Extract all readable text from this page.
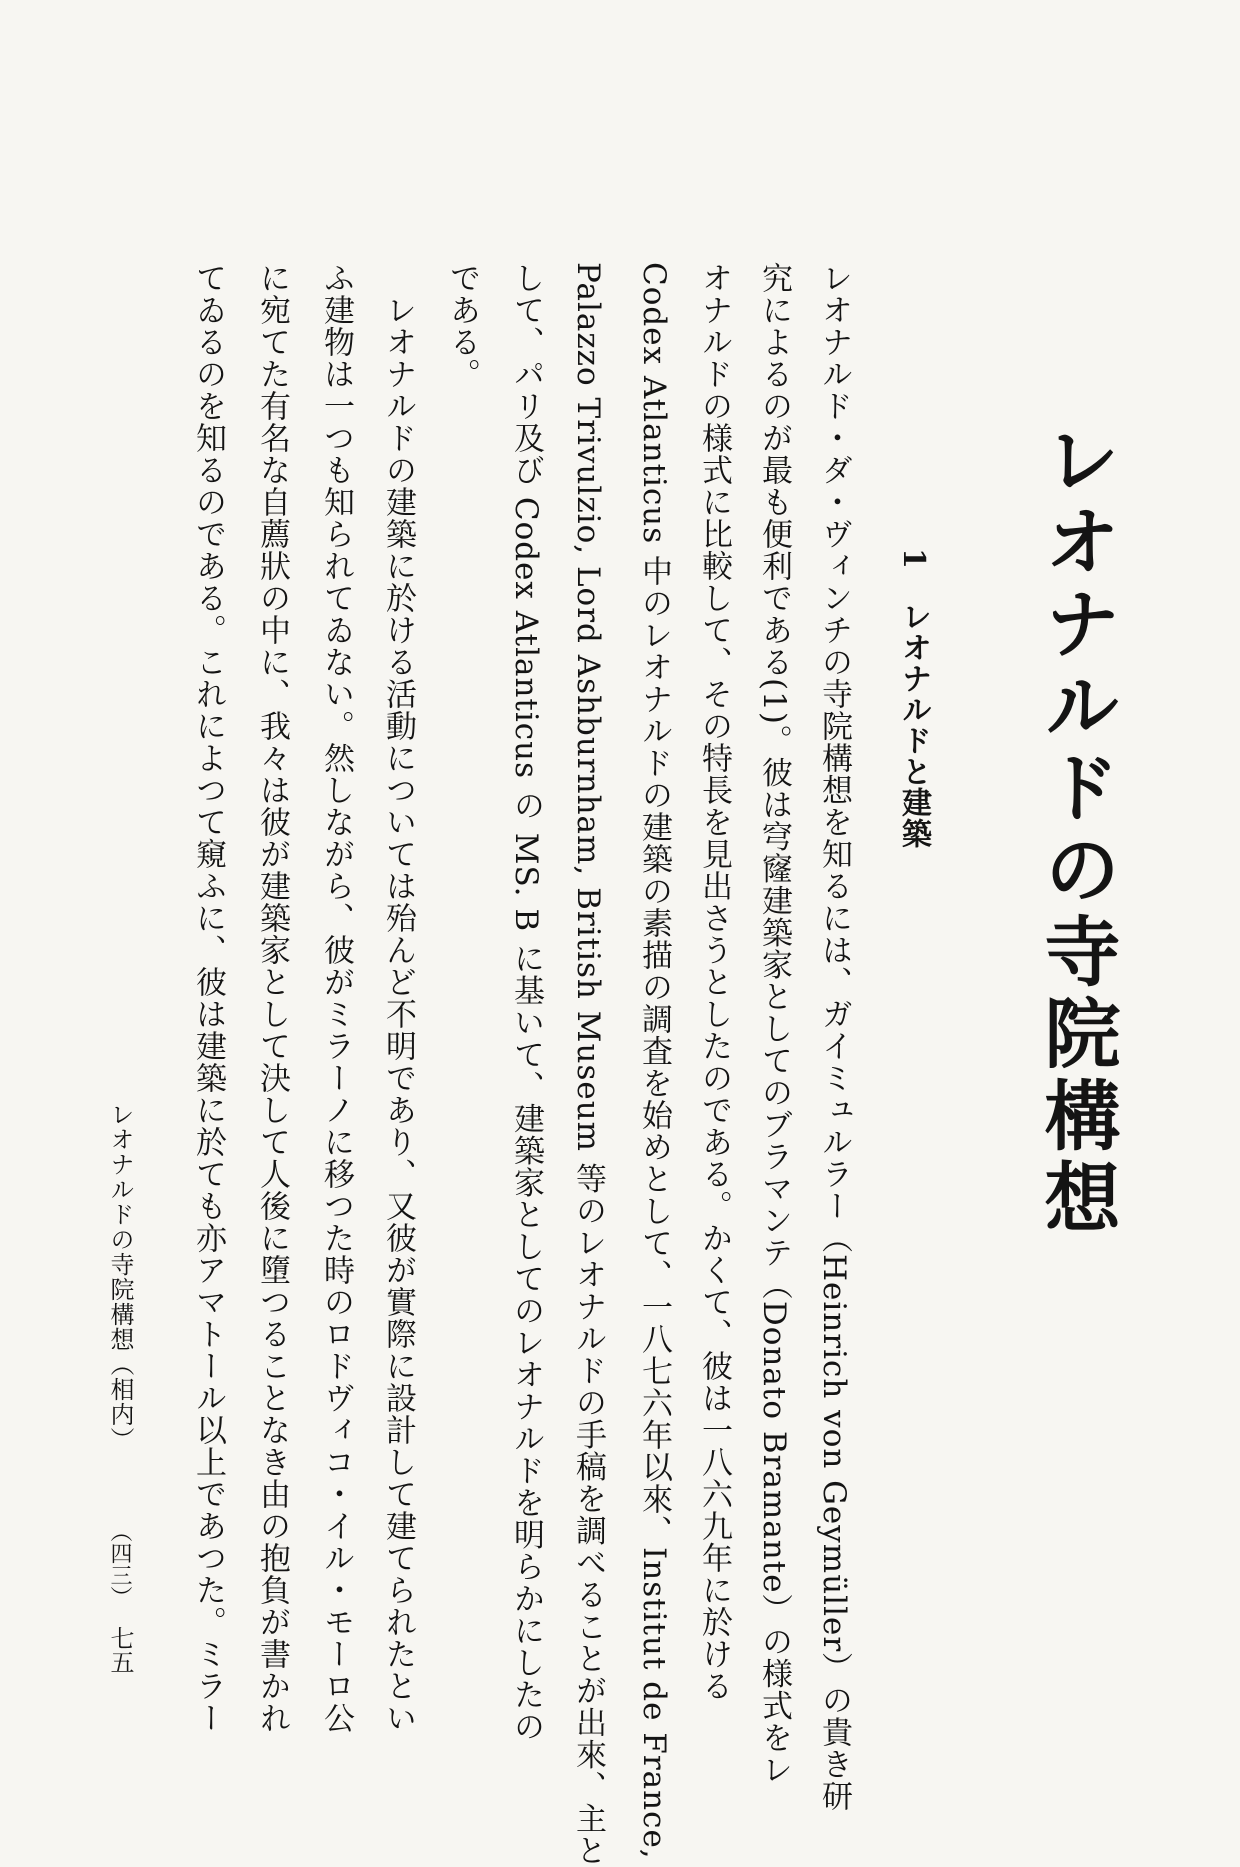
レオナルドの寺院構想
1　レオナルドと建築
レオナルド・ダ・ヴィンチの寺院構想を知るには、ガイミュルラー（Heinrich von Geymüller）の貴き研
究によるのが最も便利である(1)。彼は穹窿建築家としてのブラマンテ（Donato Bramante）の様式をレ
オナルドの様式に比較して、その特長を見出さうとしたのである。かくて、彼は一八六九年に於ける
Codex Atlanticus 中のレオナルドの建築の素描の調査を始めとして、一八七六年以來、Institut de France,
Palazzo Trivulzio, Lord Ashburnham, British Museum 等のレオナルドの手稿を調べることが出來、主と
して、パリ及び Codex Atlanticus の MS. B に基いて、建築家としてのレオナルドを明らかにしたの
である。
　レオナルドの建築に於ける活動については殆んど不明であり、又彼が實際に設計して建てられたとい
ふ建物は一つも知られてゐない。然しながら、彼がミラーノに移つた時のロドヴィコ・イル・モーロ公
に宛てた有名な自薦狀の中に、我々は彼が建築家として決して人後に墮つることなき由の抱負が書かれ
てゐるのを知るのである。これによつて窺ふに、彼は建築に於ても亦アマトール以上であつた。ミラー
レオナルドの寺院構想（相内）
（四三）
七五
